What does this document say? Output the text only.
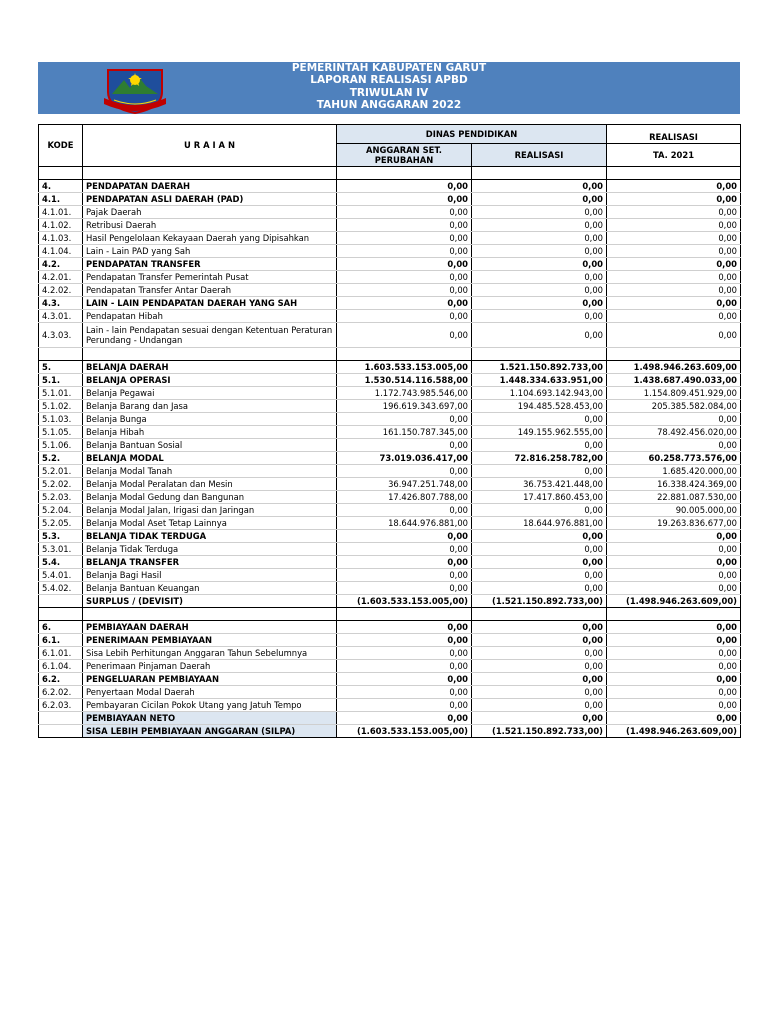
PEMERINTAH KABUPATEN GARUT
LAPORAN REALISASI APBD
TRIWULAN IV
TAHUN ANGGARAN 2022
KODE	U R A I A N	DINAS PENDIDIKAN		REALISASI
		ANGGARAN SET. PERUBAHAN	REALISASI	TA. 2021

4.	PENDAPATAN DAERAH	0,00	0,00	0,00
4.1.	PENDAPATAN ASLI DAERAH (PAD)	0,00	0,00	0,00
4.1.01.	Pajak Daerah	0,00	0,00	0,00
4.1.02.	Retribusi Daerah	0,00	0,00	0,00
4.1.03.	Hasil Pengelolaan Kekayaan Daerah yang Dipisahkan	0,00	0,00	0,00
4.1.04.	Lain - Lain PAD yang Sah	0,00	0,00	0,00
4.2.	PENDAPATAN TRANSFER	0,00	0,00	0,00
4.2.01.	Pendapatan Transfer Pemerintah Pusat	0,00	0,00	0,00
4.2.02.	Pendapatan Transfer Antar Daerah	0,00	0,00	0,00
4.3.	LAIN - LAIN PENDAPATAN DAERAH YANG SAH	0,00	0,00	0,00
4.3.01.	Pendapatan Hibah	0,00	0,00	0,00
4.3.03.	Lain - lain Pendapatan sesuai dengan Ketentuan Peraturan Perundang - Undangan	0,00	0,00	0,00

5.	BELANJA DAERAH	1.603.533.153.005,00	1.521.150.892.733,00	1.498.946.263.609,00
5.1.	BELANJA OPERASI	1.530.514.116.588,00	1.448.334.633.951,00	1.438.687.490.033,00
5.1.01.	Belanja Pegawai	1.172.743.985.546,00	1.104.693.142.943,00	1.154.809.451.929,00
5.1.02.	Belanja Barang dan Jasa	196.619.343.697,00	194.485.528.453,00	205.385.582.084,00
5.1.03.	Belanja Bunga	0,00	0,00	0,00
5.1.05.	Belanja Hibah	161.150.787.345,00	149.155.962.555,00	78.492.456.020,00
5.1.06.	Belanja Bantuan Sosial	0,00	0,00	0,00
5.2.	BELANJA MODAL	73.019.036.417,00	72.816.258.782,00	60.258.773.576,00
5.2.01.	Belanja Modal Tanah	0,00	0,00	1.685.420.000,00
5.2.02.	Belanja Modal Peralatan dan Mesin	36.947.251.748,00	36.753.421.448,00	16.338.424.369,00
5.2.03.	Belanja Modal Gedung dan Bangunan	17.426.807.788,00	17.417.860.453,00	22.881.087.530,00
5.2.04.	Belanja Modal Jalan, Irigasi dan Jaringan	0,00	0,00	90.005.000,00
5.2.05.	Belanja Modal Aset Tetap Lainnya	18.644.976.881,00	18.644.976.881,00	19.263.836.677,00
5.3.	BELANJA TIDAK TERDUGA	0,00	0,00	0,00
5.3.01.	Belanja Tidak Terduga	0,00	0,00	0,00
5.4.	BELANJA TRANSFER	0,00	0,00	0,00
5.4.01.	Belanja Bagi Hasil	0,00	0,00	0,00
5.4.02.	Belanja Bantuan Keuangan	0,00	0,00	0,00
	SURPLUS / (DEVISIT)	(1.603.533.153.005,00)	(1.521.150.892.733,00)	(1.498.946.263.609,00)

6.	PEMBIAYAAN DAERAH	0,00	0,00	0,00
6.1.	PENERIMAAN PEMBIAYAAN	0,00	0,00	0,00
6.1.01.	Sisa Lebih Perhitungan Anggaran Tahun Sebelumnya	0,00	0,00	0,00
6.1.04.	Penerimaan Pinjaman Daerah	0,00	0,00	0,00
6.2.	PENGELUARAN PEMBIAYAAN	0,00	0,00	0,00
6.2.02.	Penyertaan Modal Daerah	0,00	0,00	0,00
6.2.03.	Pembayaran Cicilan Pokok Utang yang Jatuh Tempo	0,00	0,00	0,00
	PEMBIAYAAN NETO	0,00	0,00	0,00
	SISA LEBIH PEMBIAYAAN ANGGARAN (SILPA)	(1.603.533.153.005,00)	(1.521.150.892.733,00)	(1.498.946.263.609,00)
